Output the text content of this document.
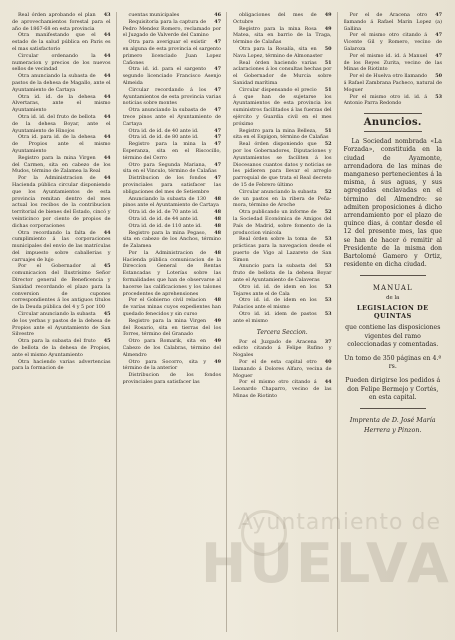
43
Real órden aprobando el plan de aprovechamientos forestal para el año de 1867-68 en esta provincia

44
Otra manifestando que el estado de la salud pública en Paris es el mas satisfactorio

44
Circular ordenando la numeracion y precios de los nuevos sellos de vecindad

44
Otra anunciando la subasta de pastos de la dehesa de Magallo, ante el Ayuntamiento de Cartaya

44
Otra id. id. de la dehesa Alvertaras, ante el mismo Ayuntamiento

44
Otra id. id. del fruto de bellota de la dehesa Boyar, ante el Ayuntamiento de Hinojos

44
Otra id. para id. de la dehesa de Propios ante el mismo Ayuntamiento

44
Registro para la mina Virgen del Carmen, sita en cabezo de los Mudos, término de Zalamea la Real

44
Por la Administracion de Hacienda pública circular disponiendo que los Ayuntamientos de esta provincia remitan dentro del mes actual los recibos de la contribucion territorial de bienes del Estado, cincó y veinticinco por ciento de propios de dichas corporaciones

44
Otra recordando la falta de cumplimiento á las corporaciones municipales del envio de las matrículas del impuesto sobre caballerias y carruajes de lujo

45
Por el Gobernador al comunicacion del Ilustrísimo Señor Director general de Beneficencia y Sanidad recordando el plazo para la conversion de cupones correspondientes á los antiguos títulos de la Deuda pública del 4 y 5 por 100

45
Circular anunciando la subasta de los yerbas y pastos de la dehesa de Propios ante el Ayuntamiento de San Silvestre

45
Otra para la subasta del fruto de bellota de la dehesa de Propios, ante el mismo Ayuntamiento

Otra haciendo varias advertencias para la formacion de

46
cuentas municipales

47
Requisitoria para la captura de Pedro Mendez Romero, reclamado por el Juzgado de Valverde del Camino

47
Otra para averiguar el existir en alguna de esta provincia el sargento primero licenciado Juan Lopez Cañones

47
Otra id. id. para el sargento segundo licenciado Francisco Asenjo Almeida

47
Circular recordando á los Ayuntamientos de esta provincia varias noticias sobre montes

47
Otra anunciando la subasta de trece pinos ante el Ayuntamiento de Cartaya

47
Otra id. de id. de 40 ante id.

47
Otra id. de id. de 80 ante id.

47
Registro para la mina la Esperanza, sita en el Riscocillo, término del Cerro

47
Otro para Segunda Mariana, sita en el Vinculo, término de Calañas

47
Distribucion de los fondos provinciales para satisfacer las obligaciones del mes de Setiembre

48
Anunciando la subasta de 130 pinos ante el Ayuntamiento de Cartaya

48
Otra id. de id. de 70 ante id.

48
Otra id. de id. de 44 ante id.

48
Otra id. de id. de 110 ante id.

48
Registro para la mina Pegaso, sita en cabezo de los Anchos, término de Zalamea

48
Por la Administracion de Hacienda pública comunicacion de la Direccion General de Rentas Estancadas y Loterías sobre las formalidades que han de observarse al hacerse las calificaciones y los talones procedentes de aprehensiones

48
Por el Gobierno civil relacion de varias minas cuyos expedientes han quedado fenecidos y sin curso

49
Registro para la mina Virgen del Rosario, sita en tierras del los Torres, término del Granado

49
Otro para Romarik, sita en Cabezo de los Calabras, término del Almendro

49
Otro para Socorro, sita y término de la anterior

Distribucion de los fondos provinciales para satisfacer las

49
obligaciones del mes de Octubre

49
Registro para la mina Rosa Matea, sita en barrio de la Traga, término de Calañas

50
Otra para la Rosalía, sita en Nava Lopez, término de Almonaster

51
Real órden haciendo varias aclaraciones á los consultas hechas por el Gobernador de Murcia sobre Sanidad marítima

51
Circular dispensando el precio á que han de sujetarse los Ayuntamientos de esta provincia los suministros facilitados á las fuerzas del ejército y Guardia civil en el mes próximo

51
Registro para la mina Belleza, sita en el Espigon, término de Calañas

52
Real órden disponiendo que por los Gobernadores, Diputaciones y Ayuntamientos se faciliten á los Diocesanos cuantos datos y noticias se les pidieren para llevar el arreglo parroquial de que trata el Real decreto de 15 de Febrero último

52
Circular anunciando la subasta de un pastos en la ribera de Peña-mora, término de Aroche

52
Otra publicando un informe de la Sociedad Económica de Amigos del País de Madrid, sobre fomento de la produccion vinícola

53
Real órden sobre la toma de prácticas para la navegacion desde el puerto de Vigo al Lazareto de San Simon

53
Anuncio para la subasta del fruto de bellota de la dehesa Boyar ante el Ayuntamiento de Calaveras

53
Otro id. id. de idem en los Tejares ante el de Cala

53
Otro id. id. de idem en los Palacios ante el mismo

53
Otro id. id. idem de pastos ante el mismo

Tercera Seccion.

37
Por el Juzgado de Aracena edicto citando á Felipe Rufino y Nogales

40
Por el de esta capital otro llamando á Dolores Alfaro, vecina de Moguer

44
Por el mismo otro citando á Leonardo Chaparro, vecino de las Minas de Riotinto

47
Por el de Aracena otro llamando á Rafael Marin Lopez (a) Gallina

47
Por el mismo otro citando á Vicente Gil y Romero, vecino de Galaroza

47
Por el mismo id. id. á Manuel de los Reyes Zurita, vecino de las Minas de Riotinto

50
Por el de Huelva otro llamando á Rafael Zambrana Pacheco, natural de Moguer

53
Por el mismo otro id. id. á Antonio Parra Redondo

Anuncios.

La Sociedad nombrada «La Forzada», constituida en la ciudad de Ayamonte, arrendadora de las minas de manganeso pertenecientes á la misma, á sus aguas, y sus agregadas enclavadas en el término del Almendro: se admiten proposiciones á dicho arrendamiento por el plazo de quince dias, á contar desde el 12 del presente mes, las que se han de hacer ó remitir al Presidente de la misma don Bartolomé Gamero y Ortiz, residente en dicha ciudad.

MANUAL
de la
LEGISLACION DE QUINTAS

que contiene las disposiciones vigentes del ramo coleccionadas y comentadas.

Un tomo de 350 páginas en 4.º rs.

Pueden dirigirse los pedidos á don Felipe Bermejo y Cortés, en esta capital.

Imprenta de D. José María
Herrera y Pinzon.
Ayuntamiento de
HUELVA
